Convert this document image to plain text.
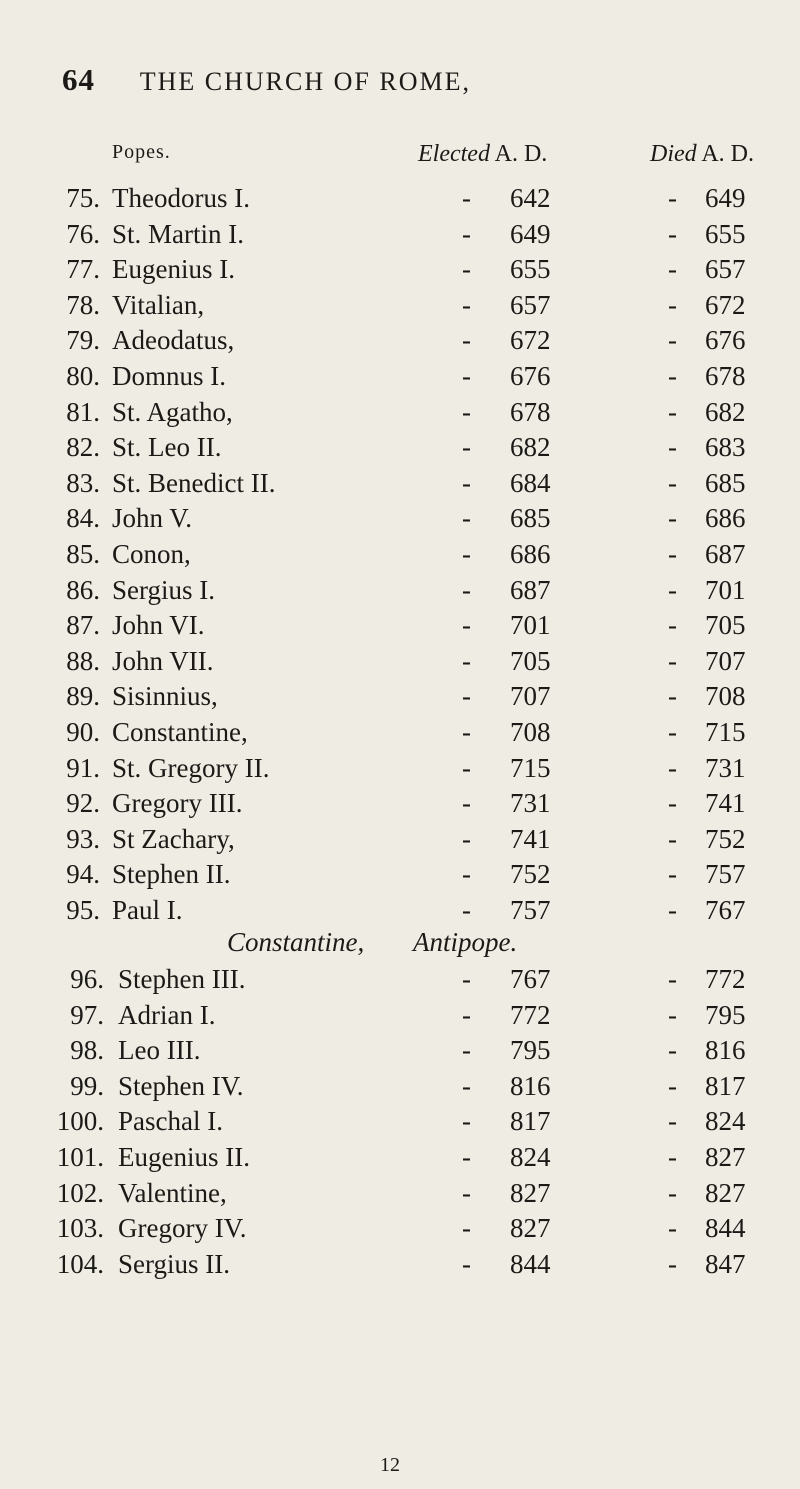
64 THE CHURCH OF ROME,
Popes.	Elected A. D.	Died A. D.
75. Theodorus I.	- 642	- 649
76. St. Martin I.	- 649	- 655
77. Eugenius I.	- 655	- 657
78. Vitalian,	- 657	- 672
79. Adeodatus,	- 672	- 676
80. Domnus I.	- 676	- 678
81. St. Agatho,	- 678	- 682
82. St. Leo II.	- 682	- 683
83. St. Benedict II.	- 684	- 685
84. John V.	- 685	- 686
85. Conon,	- 686	- 687
86. Sergius I.	- 687	- 701
87. John VI.	- 701	- 705
88. John VII.	- 705	- 707
89. Sisinnius,	- 707	- 708
90. Constantine,	- 708	- 715
91. St. Gregory II.	- 715	- 731
92. Gregory III.	- 731	- 741
93. St Zachary,	- 741	- 752
94. Stephen II.	- 752	- 757
95. Paul I.	- 757	- 767
Constantine, Antipope.
96. Stephen III.	- 767	- 772
97. Adrian I.	- 772	- 795
98. Leo III.	- 795	- 816
99. Stephen IV.	- 816	- 817
100. Paschal I.	- 817	- 824
101. Eugenius II.	- 824	- 827
102. Valentine,	- 827	- 827
103. Gregory IV.	- 827	- 844
104. Sergius II.	- 844	- 847
12
